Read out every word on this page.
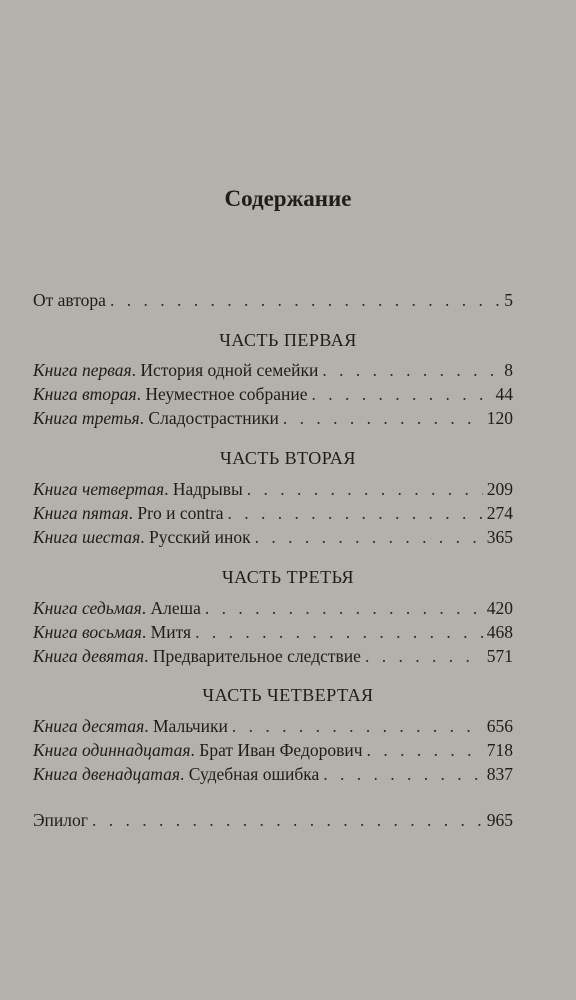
Содержание
От автора . . .	5
ЧАСТЬ ПЕРВАЯ
Книга первая. История одной семейки . . .	8
Книга вторая. Неуместное собрание . . .	44
Книга третья. Сладострастники . . .	120
ЧАСТЬ ВТОРАЯ
Книга четвертая. Надрывы . . .	209
Книга пятая. Pro и contra . . .	274
Книга шестая. Русский инок . . .	365
ЧАСТЬ ТРЕТЬЯ
Книга седьмая. Алеша . . .	420
Книга восьмая. Митя . . .	468
Книга девятая. Предварительное следствие . . .	571
ЧАСТЬ ЧЕТВЕРТАЯ
Книга десятая. Мальчики . . .	656
Книга одиннадцатая. Брат Иван Федорович . . .	718
Книга двенадцатая. Судебная ошибка . . .	837
Эпилог . . .	965
